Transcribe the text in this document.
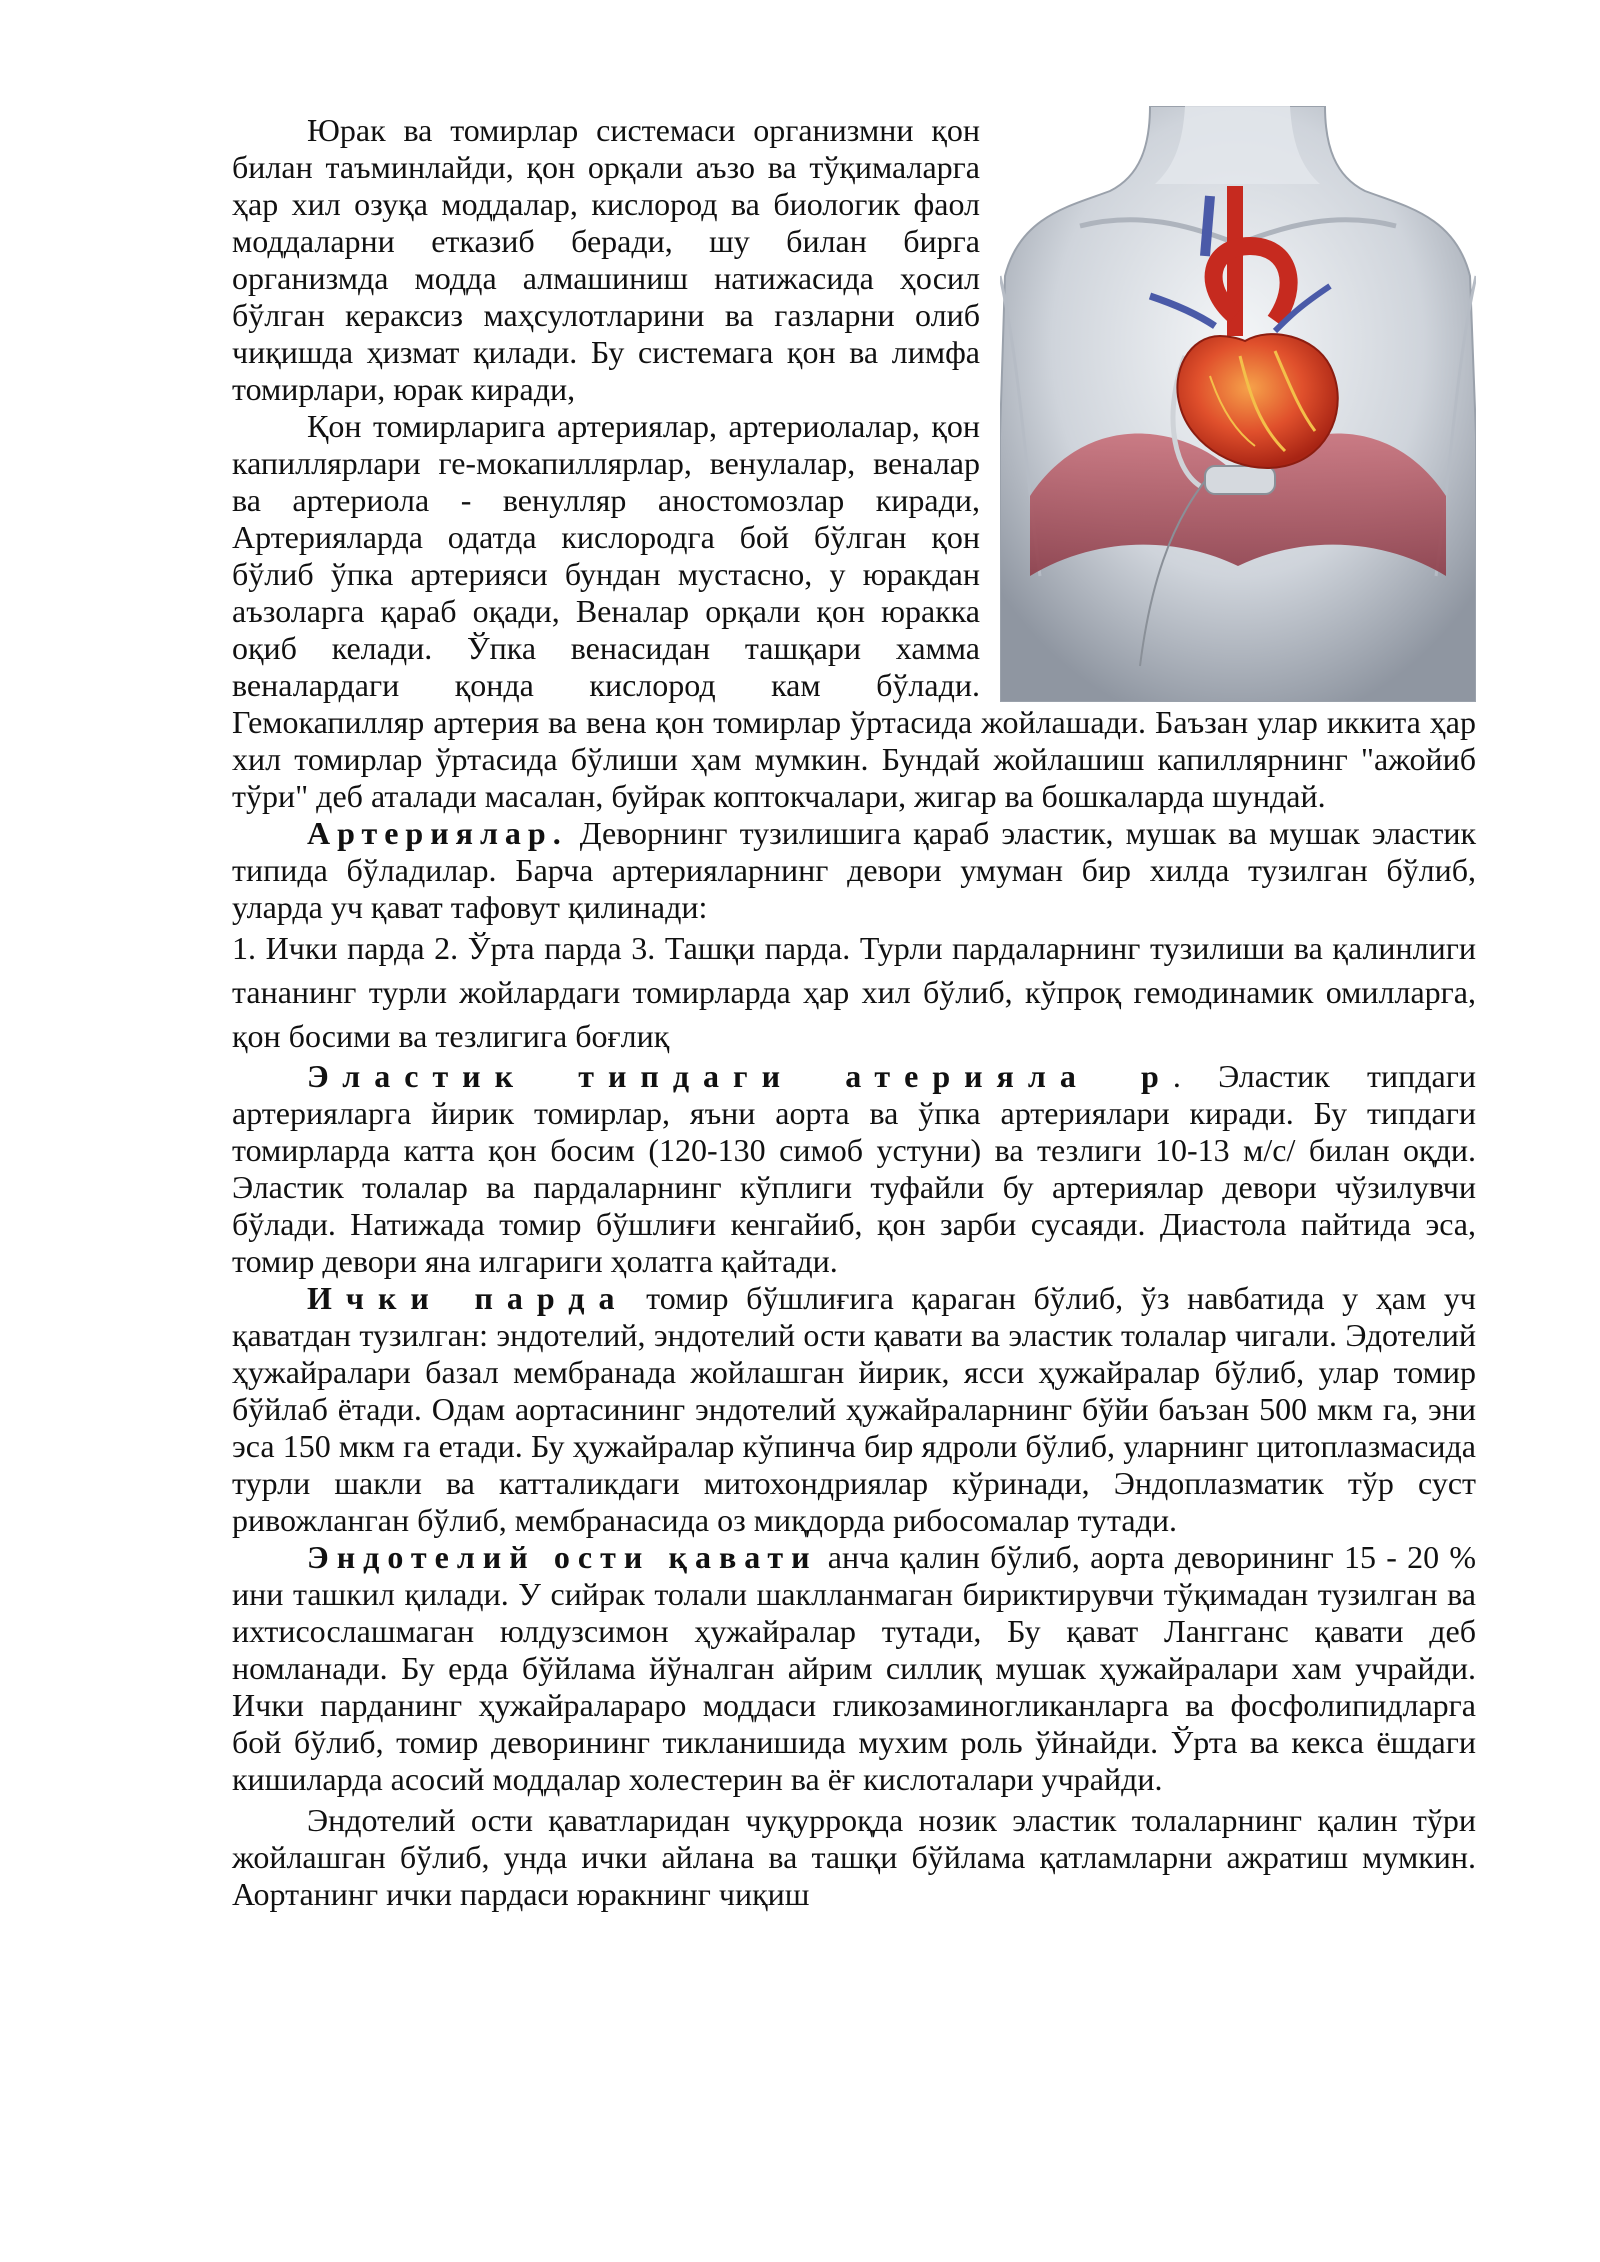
Юрак ва томирлар системаси организмни қон билан таъминлайди, қон орқали аъзо ва тўқималарга ҳар хил озуқа моддалар, кислород ва биологик фаол моддаларни етказиб беради, шу билан бирга организмда модда алмашиниш натижасида ҳосил бўлган кераксиз маҳсулотларини ва газларни олиб чиқишда ҳизмат қилади. Бу системага қон ва лимфа томирлари, юрак киради,

Қон томирларига артериялар, артериолалар, қон капиллярлари ге-мокапиллярлар, венулалар, веналар ва артериола - венулляр аностомозлар киради, Артерияларда одатда кислородга бой бўлган қон бўлиб ўпка артерияси бундан мустасно, у юракдан аъзоларга қараб оқади, Веналар орқали қон юракка оқиб келади. Ўпка венасидан ташқари хамма веналардаги қонда кислород кам бўлади. Гемокапилляр артерия ва вена қон томирлар ўртасида жойлашади. Баъзан улар иккита ҳар хил томирлар ўртасида бўлиши ҳам мумкин. Бундай жойлашиш капиллярнинг "ажойиб тўри" деб аталади масалан, буйрак коптокчалари, жигар ва бошкаларда шундай.

Артериялар. Деворнинг тузилишига қараб эластик, мушак ва мушак эластик типида бўладилар. Барча артерияларнинг девори умуман бир хилда тузилган бўлиб, уларда уч қават тафовут қилинади:

1. Ички парда 2. Ўрта парда 3. Ташқи парда. Турли пардаларнинг тузилиши ва қалинлиги тананинг турли жойлардаги томирларда ҳар хил бўлиб, кўпроқ гемодинамик омилларга, қон босими ва тезлигига боғлиқ

Эластик типдаги атерияла р. Эластик типдаги артерияларга йирик томирлар, яъни аорта ва ўпка артериялари киради. Бу типдаги томирларда катта қон босим (120-130 симоб устуни) ва тезлиги 10-13 м/с/ билан оқди. Эластик толалар ва пардаларнинг кўплиги туфайли бу артериялар девори чўзилувчи бўлади. Натижада томир бўшлиғи кенгайиб, қон зарби сусаяди. Диастола пайтида эса, томир девори яна илгариги ҳолатга қайтади.

Ички парда томир бўшлиғига қараган бўлиб, ўз навбатида у ҳам уч қаватдан тузилган: эндотелий, эндотелий ости қавати ва эластик толалар чигали. Эдотелий ҳужайралари базал мембранада жойлашган йирик, ясси ҳужайралар бўлиб, улар томир бўйлаб ётади. Одам аортасининг эндотелий ҳужайраларнинг бўйи баъзан 500 мкм га, эни эса 150 мкм га етади. Бу ҳужайралар кўпинча бир ядроли бўлиб, уларнинг цитоплазмасида турли шакли ва катталикдаги митохондриялар кўринади, Эндоплазматик тўр суст ривожланган бўлиб, мембранасида оз миқдорда рибосомалар тутади.

Эндотелий ости қавати анча қалин бўлиб, аорта деворининг 15 - 20 % ини ташкил қилади. У сийрак толали шаклланмаган бириктирувчи тўқимадан тузилган ва ихтисослашмаган юлдузсимон ҳужайралар тутади, Бу қават Лангганс қавати деб номланади. Бу ерда бўйлама йўналган айрим силлиқ мушак ҳужайралари хам учрайди. Ички парданинг ҳужайралараро моддаси гликозаминогликанларга ва фосфолипидларга бой бўлиб, томир деворининг тикланишида мухим роль ўйнайди. Ўрта ва кекса ёшдаги кишиларда асосий моддалар холестерин ва ёғ кислоталари учрайди.

Эндотелий ости қаватларидан чуқурроқда нозик эластик толаларнинг қалин тўри жойлашган бўлиб, унда ички айлана ва ташқи бўйлама қатламларни ажратиш мумкин. Аортанинг ички пардаси юракнинг чиқиш
